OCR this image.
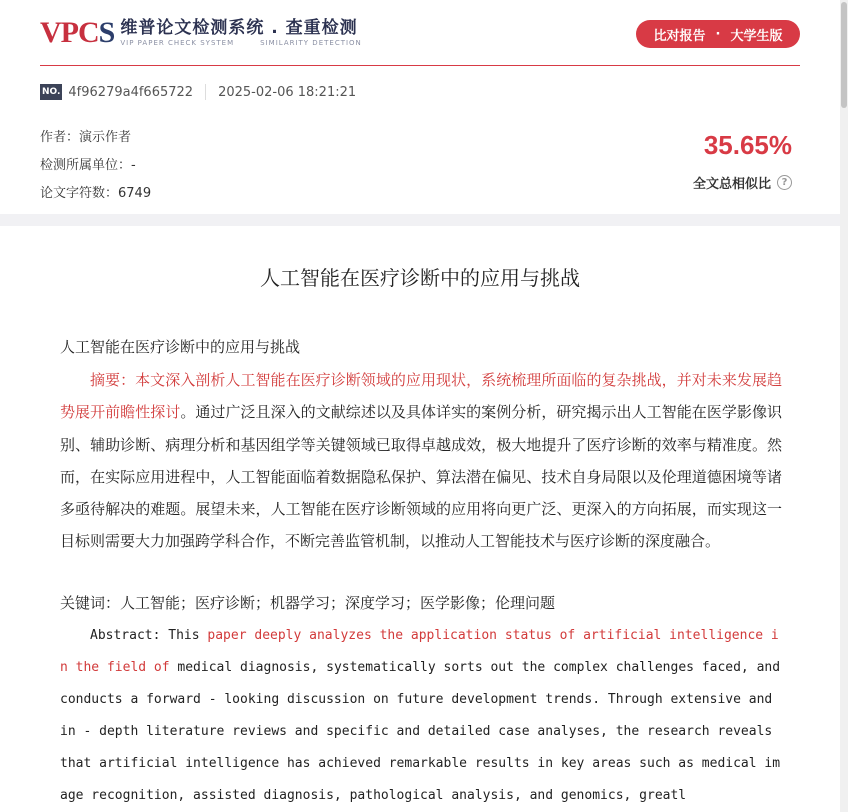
VPCS 维普论文检测系统 . 查重检测
VIP PAPER CHECK SYSTEM	SIMILARITY DETECTION	比对报告 · 大学生版
NO. 4f96279a4f665722 2025-02-06 18:21:21
作者：演示作者
检测所属单位：-
论文字符数：6749
35.65%
全文总相似比	?
人工智能在医疗诊断中的应用与挑战
人工智能在医疗诊断中的应用与挑战
摘要：本文深入剖析人工智能在医疗诊断领域的应用现状，系统梳理所面临的复杂挑战，并对未来发展趋势展开前瞻性探讨。通过广泛且深入的文献综述以及具体详实的案例分析，研究揭示出人工智能在医学影像识别、辅助诊断、病理分析和基因组学等关键领域已取得卓越成效，极大地提升了医疗诊断的效率与精准度。然而，在实际应用进程中，人工智能面临着数据隐私保护、算法潜在偏见、技术自身局限以及伦理道德困境等诸多亟待解决的难题。展望未来，人工智能在医疗诊断领域的应用将向更广泛、更深入的方向拓展，而实现这一目标则需要大力加强跨学科合作，不断完善监管机制，以推动人工智能技术与医疗诊断的深度融合。
关键词：人工智能；医疗诊断；机器学习；深度学习；医学影像；伦理问题
Abstract: This paper deeply analyzes the application status of artificial intelligence in the field of medical diagnosis, systematically sorts out the complex challenges faced, and conducts a forward - looking discussion on future development trends. Through extensive and in - depth literature reviews and specific and detailed case analyses, the research reveals that artificial intelligence has achieved remarkable results in key areas such as medical image recognition, assisted diagnosis, pathological analysis, and genomics, greatl
